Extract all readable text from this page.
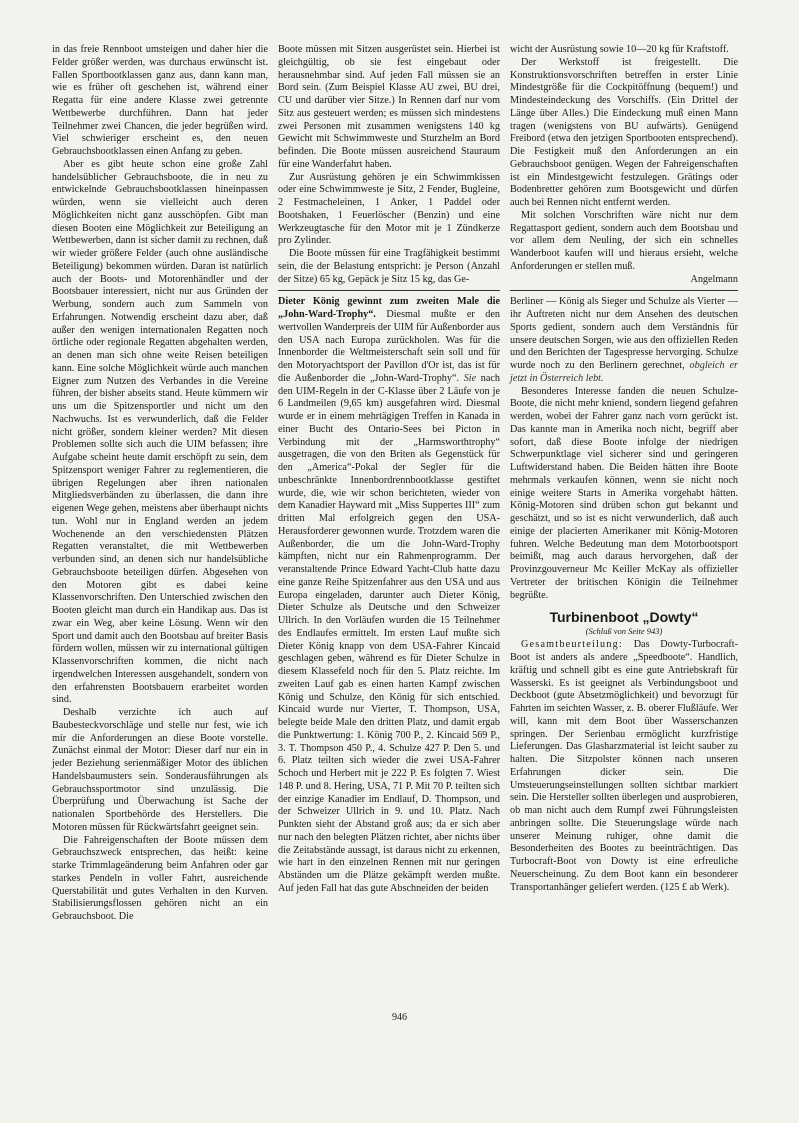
in das freie Rennboot umsteigen und daher hier die Felder größer werden, was durchaus erwünscht ist. Fallen Sportbootklassen ganz aus, dann kann man, wie es früher oft geschehen ist, während einer Regatta für eine andere Klasse zwei getrennte Wettbewerbe durchführen. Dann hat jeder Teilnehmer zwei Chancen, die jeder begrüßen wird. Viel schwieriger erscheint es, den neuen Gebrauchsbootklassen einen Anfang zu geben.

Aber es gibt heute schon eine große Zahl handelsüblicher Gebrauchsboote, die in neu zu entwickelnde Gebrauchsbootklassen hineinpassen würden, wenn sie vielleicht auch deren Möglichkeiten nicht ganz ausschöpfen. Gibt man diesen Booten eine Möglichkeit zur Beteiligung an Wettbewerben, dann ist sicher damit zu rechnen, daß wir wieder größere Felder (auch ohne ausländische Beteiligung) bekommen würden. Daran ist natürlich auch der Boots- und Motorenhändler und der Bootsbauer interessiert, nicht nur aus Gründen der Werbung, sondern auch zum Sammeln von Erfahrungen. Notwendig erscheint dazu aber, daß außer den wenigen internationalen Regatten noch örtliche oder regionale Regatten abgehalten werden, an denen man sich ohne weite Reisen beteiligen kann. Eine solche Möglichkeit würde auch manchen Eigner zum Nutzen des Verbandes in die Vereine führen, der bisher abseits stand. Heute kümmern wir uns um die Spitzensportler und nicht um den Nachwuchs. Ist es verwunderlich, daß die Felder nicht größer, sondern kleiner werden? Mit diesen Problemen sollte sich auch die UIM befassen; ihre Aufgabe scheint heute damit erschöpft zu sein, dem Spitzensport weniger Fahrer zu reglementieren, die übrigen Regelungen aber ihren nationalen Mitgliedsverbänden zu überlassen, die dann ihre eigenen Wege gehen, meistens aber überhaupt nichts tun. Wohl nur in England werden an jedem Wochenende an den verschiedensten Plätzen Regatten veranstaltet, die mit Wettbewerben verbunden sind, an denen sich nur handelsübliche Gebrauchsboote beteiligen dürfen. Abgesehen von den Motoren gibt es dabei keine Klassenvorschriften. Den Unterschied zwischen den Booten gleicht man durch ein Handikap aus. Das ist zwar ein Weg, aber keine Lösung. Wenn wir den Sport und damit auch den Bootsbau auf breiter Basis fördern wollen, müssen wir zu international gültigen Klassenvorschriften kommen, die nicht nach irgendwelchen Interessen ausgehandelt, sondern von den erfahrensten Bootsbauern erarbeitet worden sind.

Deshalb verzichte ich auch auf Baubesteckvorschläge und stelle nur fest, wie ich mir die Anforderungen an diese Boote vorstelle. Zunächst einmal der Motor: Dieser darf nur ein in jeder Beziehung serienmäßiger Motor des üblichen Handelsbaumusters sein. Sonderausführungen als Gebrauchssportmotor sind unzulässig. Die Überprüfung und Überwachung ist Sache der nationalen Sportbehörde des Herstellers. Die Motoren müssen für Rückwärtsfahrt geeignet sein.

Die Fahreigenschaften der Boote müssen dem Gebrauchszweck entsprechen, das heißt: keine starke Trimmlageänderung beim Anfahren oder gar starkes Pendeln in voller Fahrt, ausreichende Querstabilität und gutes Verhalten in den Kurven. Stabilisierungsflossen gehören nicht an ein Gebrauchsboot. Die

Boote müssen mit Sitzen ausgerüstet sein. Hierbei ist gleichgültig, ob sie fest eingebaut oder herausnehmbar sind. Auf jeden Fall müssen sie an Bord sein. (Zum Beispiel Klasse AU zwei, BU drei, CU und darüber vier Sitze.) In Rennen darf nur vom Sitz aus gesteuert werden; es müssen sich mindestens zwei Personen mit zusammen wenigstens 140 kg Gewicht mit Schwimmweste und Sturzhelm an Bord befinden. Die Boote müssen ausreichend Stauraum für eine Wanderfahrt haben.

Zur Ausrüstung gehören je ein Schwimmkissen oder eine Schwimmweste je Sitz, 2 Fender, Bugleine, 2 Festmacheleinen, 1 Anker, 1 Paddel oder Bootshaken, 1 Feuerlöscher (Benzin) und eine Werkzeugtasche für den Motor mit je 1 Zündkerze pro Zylinder.

Die Boote müssen für eine Tragfähigkeit bestimmt sein, die der Belastung entspricht: je Person (Anzahl der Sitze) 65 kg, Gepäck je Sitz 15 kg, das Ge-

Dieter König gewinnt zum zweiten Male die „John-Ward-Trophy“. Diesmal mußte er den wertvollen Wanderpreis der UIM für Außenborder aus den USA nach Europa zurückholen. Was für die Innenborder die Weltmeisterschaft sein soll und für den Motoryachtsport der Pavillon d'Or ist, das ist für die Außenborder die „John-Ward-Trophy“. Sie nach den UIM-Regeln in der C-Klasse über 2 Läufe von je 6 Landmeilen (9,65 km) ausgefahren wird. Diesmal wurde er in einem mehrtägigen Treffen in Kanada in einer Bucht des Ontario-Sees bei Picton in Verbindung mit der „Harmsworthtrophy“ ausgetragen, die von den Briten als Gegenstück für den „America“-Pokal der Segler für die unbeschränkte Innenbordrennbootklasse gestiftet wurde, die, wie wir schon berichteten, wieder von dem Kanadier Hayward mit „Miss Suppertes III“ zum dritten Mal erfolgreich gegen den USA-Herausforderer gewonnen wurde. Trotzdem waren die Außenborder, die um die John-Ward-Trophy kämpften, nicht nur ein Rahmenprogramm. Der veranstaltende Prince Edward Yacht-Club hatte dazu eine ganze Reihe Spitzenfahrer aus den USA und aus Europa eingeladen, darunter auch Dieter König, Dieter Schulze als Deutsche und den Schweizer Ullrich. In den Vorläufen wurden die 15 Teilnehmer des Endlaufes ermittelt. Im ersten Lauf mußte sich Dieter König knapp von dem USA-Fahrer Kincaid geschlagen geben, während es für Dieter Schulze in diesem Klassefeld noch für den 5. Platz reichte. Im zweiten Lauf gab es einen harten Kampf zwischen König und Schulze, den König für sich entschied. Kincaid wurde nur Vierter, T. Thompson, USA, belegte beide Male den dritten Platz, und damit ergab die Punktwertung: 1. König 700 P., 2. Kincaid 569 P., 3. T. Thompson 450 P., 4. Schulze 427 P. Den 5. und 6. Platz teilten sich wieder die zwei USA-Fahrer Schoch und Herbert mit je 222 P. Es folgten 7. Wiest 148 P. und 8. Hering, USA, 71 P. Mit 70 P. teilten sich der einzige Kanadier im Endlauf, D. Thompson, und der Schweizer Ullrich in 9. und 10. Platz. Nach Punkten sieht der Abstand groß aus; da er sich aber nur nach den belegten Plätzen richtet, aber nichts über die Zeitabstände aussagt, ist daraus nicht zu erkennen, wie hart in den einzelnen Rennen mit nur geringen Abständen um die Plätze gekämpft werden mußte. Auf jeden Fall hat das gute Abschneiden der beiden

wicht der Ausrüstung sowie 10—20 kg für Kraftstoff.

Der Werkstoff ist freigestellt. Die Konstruktionsvorschriften betreffen in erster Linie Mindestgröße für die Cockpitöffnung (bequem!) und Mindesteindeckung des Vorschiffs. (Ein Drittel der Länge über Alles.) Die Eindeckung muß einen Mann tragen (wenigstens von BU aufwärts). Genügend Freibord (etwa den jetzigen Sportbooten entsprechend). Die Festigkeit muß den Anforderungen an ein Gebrauchsboot genügen. Wegen der Fahreigenschaften ist ein Mindestgewicht festzulegen. Grätings oder Bodenbretter gehören zum Bootsgewicht und dürfen auch bei Rennen nicht entfernt werden.

Mit solchen Vorschriften wäre nicht nur dem Regattasport gedient, sondern auch dem Bootsbau und vor allem dem Neuling, der sich ein schnelles Wanderboot kaufen will und hieraus ersieht, welche Anforderungen er stellen muß.

Angelmann

Berliner — König als Sieger und Schulze als Vierter — ihr Auftreten nicht nur dem Ansehen des deutschen Sports gedient, sondern auch dem Verständnis für unsere deutschen Sorgen, wie aus den offiziellen Reden und den Berichten der Tagespresse hervorging. Schulze wurde noch zu den Berlinern gerechnet, obgleich er jetzt in Österreich lebt.

Besonderes Interesse fanden die neuen Schulze-Boote, die nicht mehr kniend, sondern liegend gefahren werden, wobei der Fahrer ganz nach vorn gerückt ist. Das kannte man in Amerika noch nicht, begriff aber sofort, daß diese Boote infolge der niedrigen Schwerpunktlage viel sicherer sind und geringeren Luftwiderstand haben. Die Beiden hätten ihre Boote mehrmals verkaufen können, wenn sie nicht noch einige weitere Starts in Amerika vorgehabt hätten. König-Motoren sind drüben schon gut bekannt und geschätzt, und so ist es nicht verwunderlich, daß auch einige der placierten Amerikaner mit König-Motoren fuhren. Welche Bedeutung man dem Motorbootsport beimißt, mag auch daraus hervorgehen, daß der Provinzgouverneur Mc Keiller McKay als offizieller Vertreter der britischen Königin die Teilnehmer begrüßte.

Turbinenboot „Dowty“
(Schluß von Seite 943)

Gesamtbeurteilung: Das Dowty-Turbocraft-Boot ist anders als andere „Speedboote“. Handlich, kräftig und schnell gibt es eine gute Antriebskraft für Wasserski. Es ist geeignet als Verbindungsboot und Deckboot (gute Absetzmöglichkeit) und bevorzugt für Fahrten im seichten Wasser, z. B. oberer Flußläufe. Wer will, kann mit dem Boot über Wasserschanzen springen. Der Serienbau ermöglicht kurzfristige Lieferungen. Das Glasharzmaterial ist leicht sauber zu halten. Die Sitzpolster können nach unseren Erfahrungen dicker sein. Die Umsteuerungseinstellungen sollten sichtbar markiert sein. Die Hersteller sollten überlegen und ausprobieren, ob man nicht auch dem Rumpf zwei Führungsleisten anbringen sollte. Die Steuerungslage würde nach unserer Meinung ruhiger, ohne damit die Besonderheiten des Bootes zu beeinträchtigen. Das Turbocraft-Boot von Dowty ist eine erfreuliche Neuerscheinung. Zu dem Boot kann ein besonderer Transportanhänger geliefert werden. (125 £ ab Werk).

946
